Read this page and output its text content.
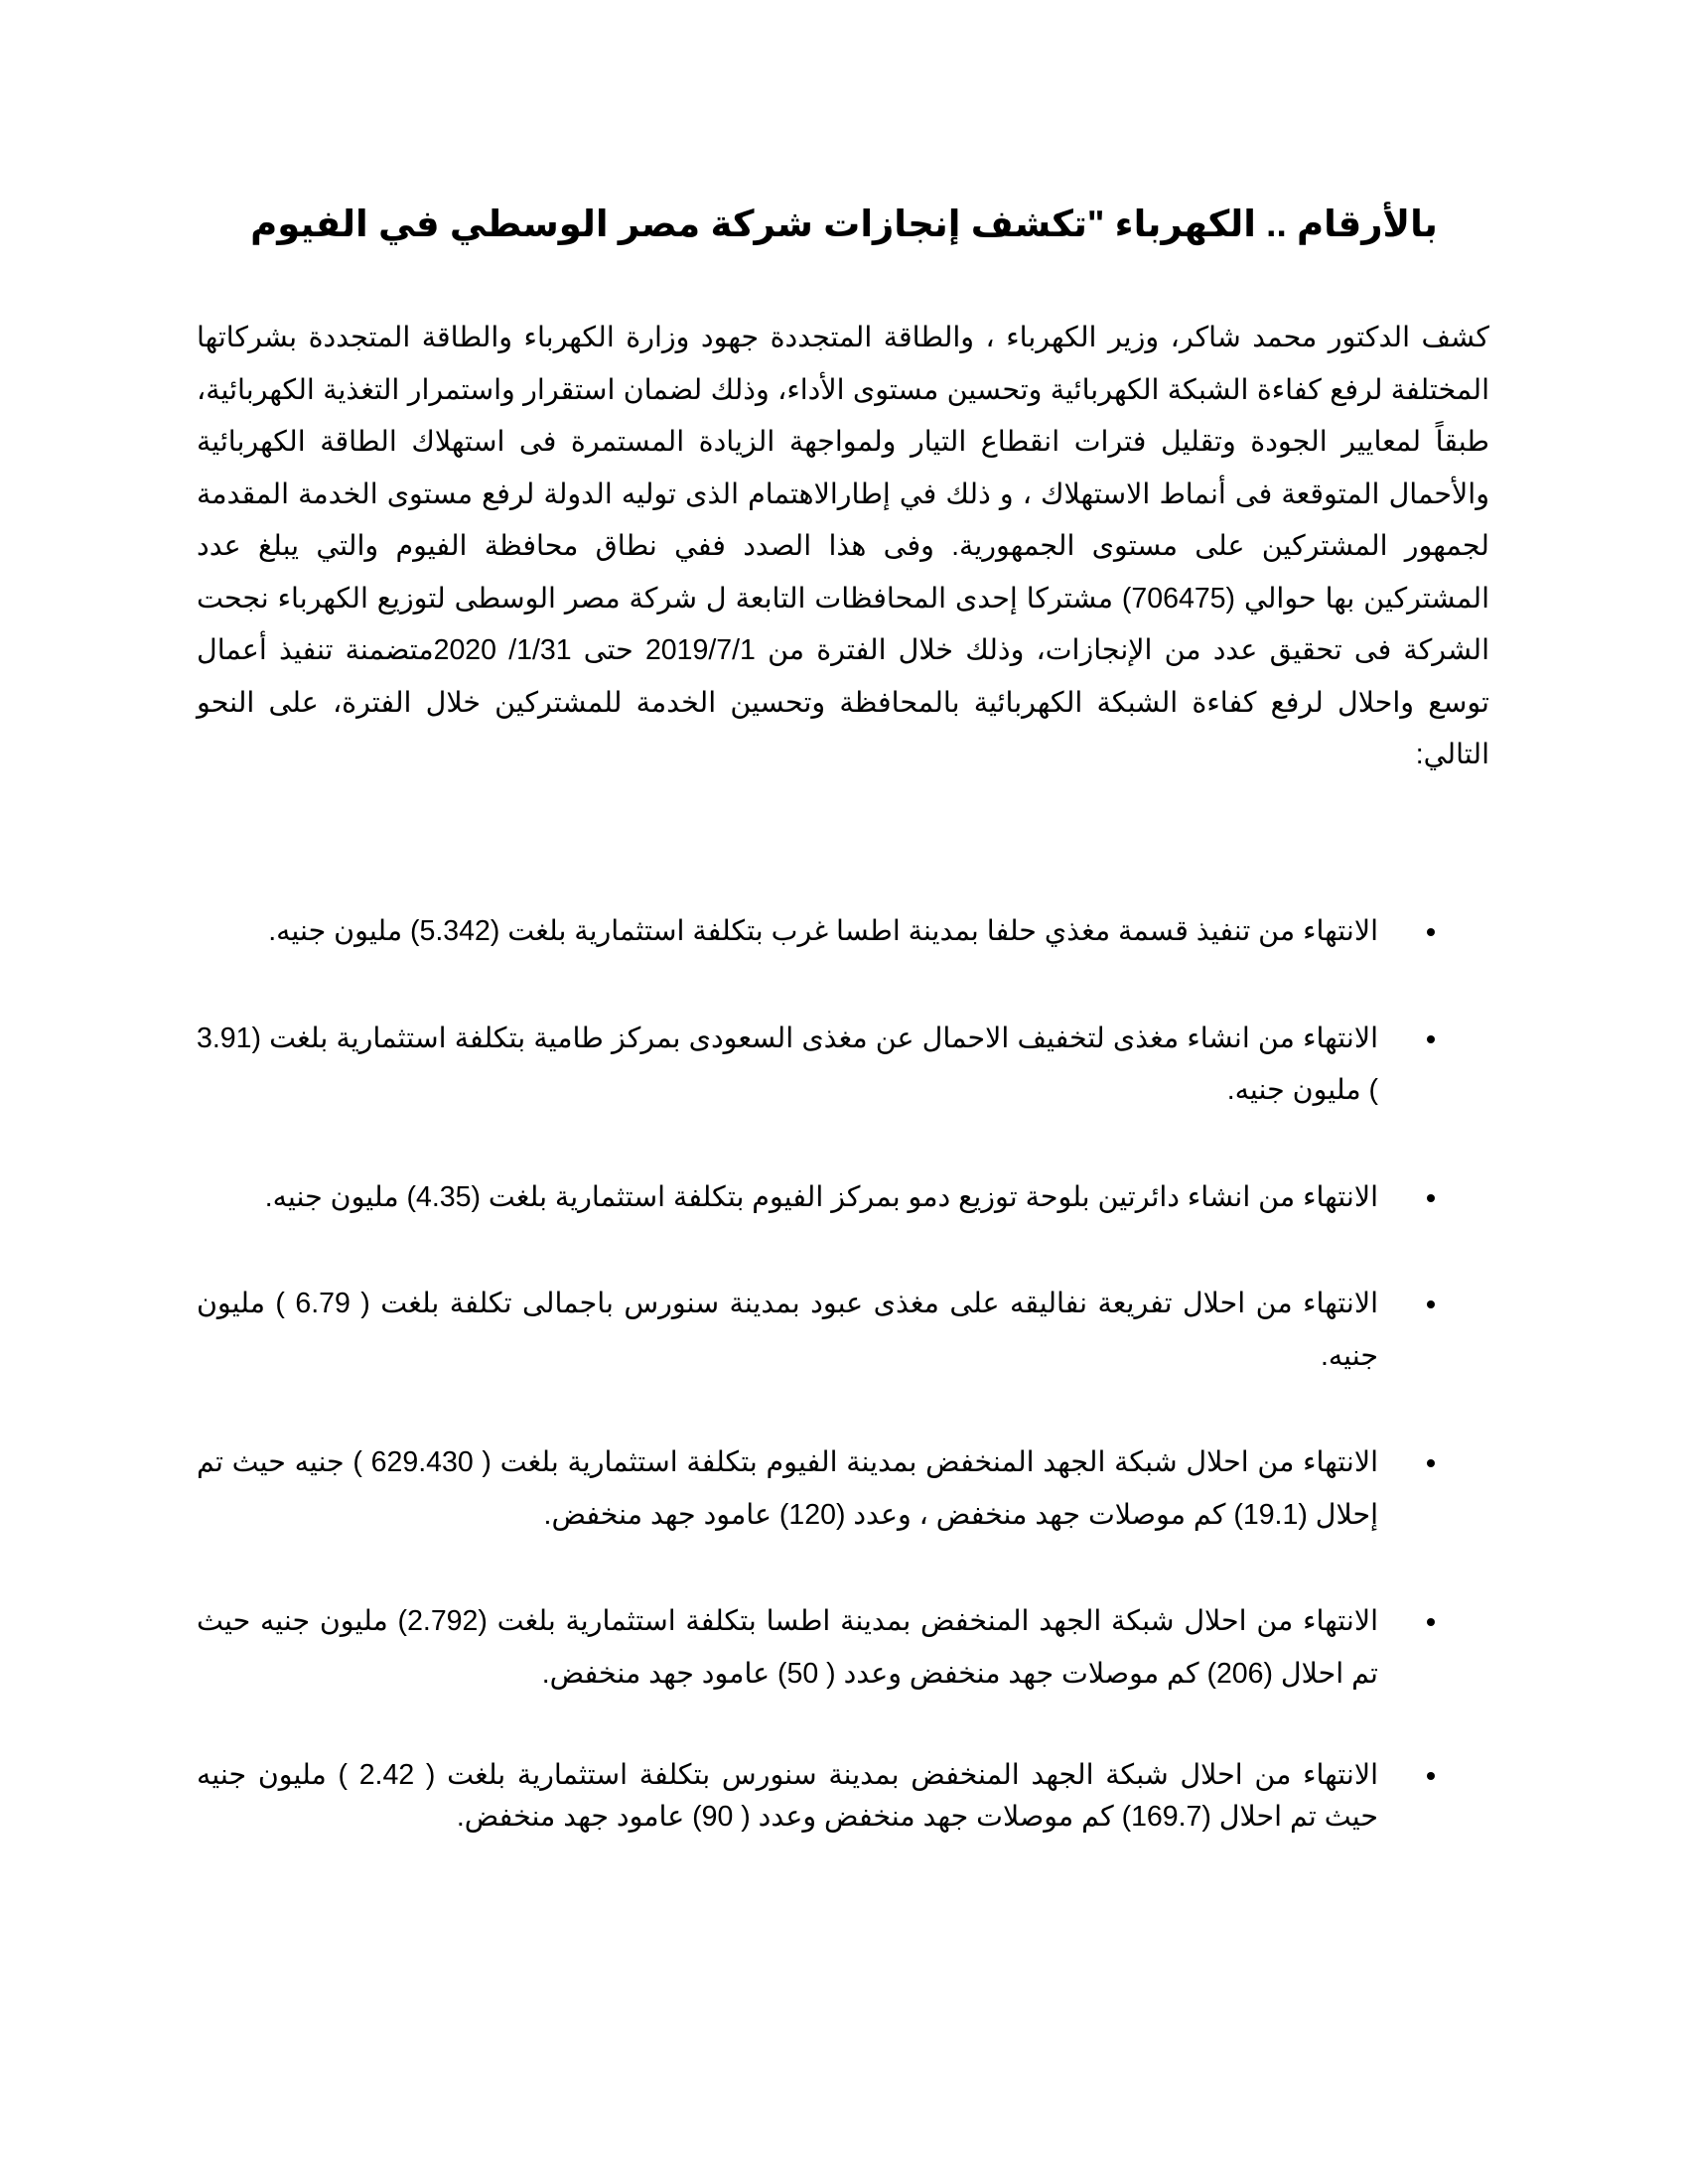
بالأرقام .. الكهرباء "تكشف إنجازات شركة مصر الوسطي في الفيوم

كشف الدكتور محمد شاكر، وزير الكهرباء ، والطاقة المتجددة جهود وزارة الكهرباء والطاقة المتجددة بشركاتها المختلفة لرفع كفاءة الشبكة الكهربائية وتحسين مستوى الأداء، وذلك لضمان استقرار واستمرار التغذية الكهربائية، طبقاً لمعايير الجودة وتقليل فترات انقطاع التيار ولمواجهة الزيادة المستمرة فى استهلاك الطاقة الكهربائية والأحمال المتوقعة فى أنماط الاستهلاك ، و ذلك في إطارالاهتمام الذى توليه الدولة لرفع مستوى الخدمة المقدمة لجمهور المشتركين على مستوى الجمهورية. وفى هذا الصدد ففي نطاق محافظة الفيوم والتي يبلغ عدد المشتركين بها حوالي (706475) مشتركا إحدى المحافظات التابعة ل شركة مصر الوسطى لتوزيع الكهرباء نجحت الشركة فى تحقيق عدد من الإنجازات، وذلك خلال الفترة من 2019/7/1 حتى 1/31/ 2020متضمنة تنفيذ أعمال توسع واحلال لرفع كفاءة الشبكة الكهربائية بالمحافظة وتحسين الخدمة للمشتركين خلال الفترة، على النحو التالي:

الانتهاء من تنفيذ قسمة مغذي حلفا بمدينة اطسا غرب بتكلفة استثمارية بلغت (5.342) مليون جنيه.
الانتهاء من انشاء مغذى لتخفيف الاحمال عن مغذى السعودى بمركز طامية بتكلفة استثمارية بلغت (3.91 ) مليون جنيه.
الانتهاء من انشاء دائرتين بلوحة توزيع دمو بمركز الفيوم بتكلفة استثمارية بلغت (4.35) مليون جنيه.
الانتهاء من احلال تفريعة نفاليقه على مغذى عبود بمدينة سنورس باجمالى تكلفة بلغت ( 6.79 ) مليون جنيه.
الانتهاء من احلال شبكة الجهد المنخفض بمدينة الفيوم بتكلفة استثمارية بلغت ( 629.430 ) جنيه حيث تم إحلال (19.1) كم موصلات جهد منخفض ، وعدد (120) عامود جهد منخفض.
الانتهاء من احلال شبكة الجهد المنخفض بمدينة اطسا بتكلفة استثمارية بلغت (2.792) مليون جنيه حيث تم احلال (206) كم موصلات جهد منخفض وعدد ( 50) عامود جهد منخفض.
الانتهاء من احلال شبكة الجهد المنخفض بمدينة سنورس بتكلفة استثمارية بلغت ( 2.42 ) مليون جنيه حيث تم احلال (169.7) كم موصلات جهد منخفض وعدد ( 90) عامود جهد منخفض.
